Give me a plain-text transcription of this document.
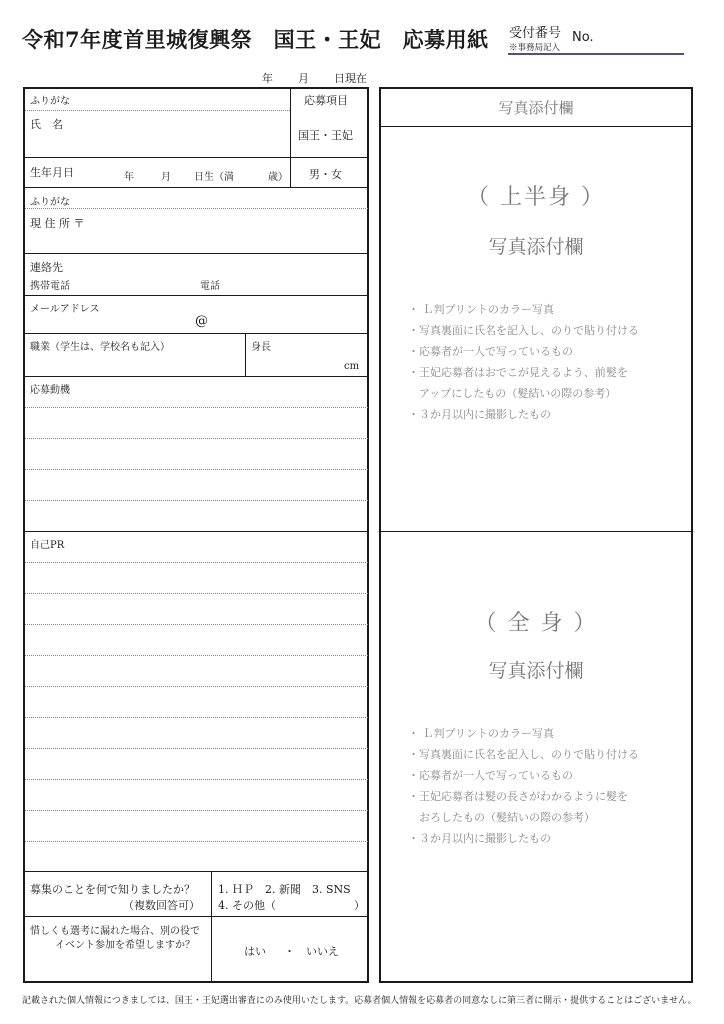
令和7年度首里城復興祭　国王・王妃　応募用紙 受付番号
※事務局記入
No.
年 月 日現在
ふりがな
氏　名
応募項目
国王・王妃
生年月日	年	月 日生（満	歳） 男・女
ふりがな
現 住 所 〒
連絡先
携帯電話	電話
メールアドレス
@
職業（学生は、学校名も記入）	身長
cm
応募動機
自己PR
募集のことを何で知りましたか？
（複数回答可）
1. ＨＰ　2. 新聞　3. SNS
4. その他（	）
惜しくも選考に漏れた場合、別の役で
イベント参加を希望しますか？	はい ・ いいえ
写真添付欄
（ 上半身 ）
写真添付欄
・ Ｌ判プリントのカラー写真
・写真裏面に氏名を記入し、のりで貼り付ける
・応募者が一人で写っているもの
・王妃応募者はおでこが見えるよう、前髪を
　アップにしたもの（髪結いの際の参考）
・３か月以内に撮影したもの
（ 全 身 ）
写真添付欄
・ Ｌ判プリントのカラー写真
・写真裏面に氏名を記入し、のりで貼り付ける
・応募者が一人で写っているもの
・王妃応募者は髪の長さがわかるように髪を
　おろしたもの（髪結いの際の参考）
・３か月以内に撮影したもの
記載された個人情報につきましては、国王・王妃選出審査にのみ使用いたします。応募者個人情報を応募者の同意なしに第三者に開示・提供することはございません。
